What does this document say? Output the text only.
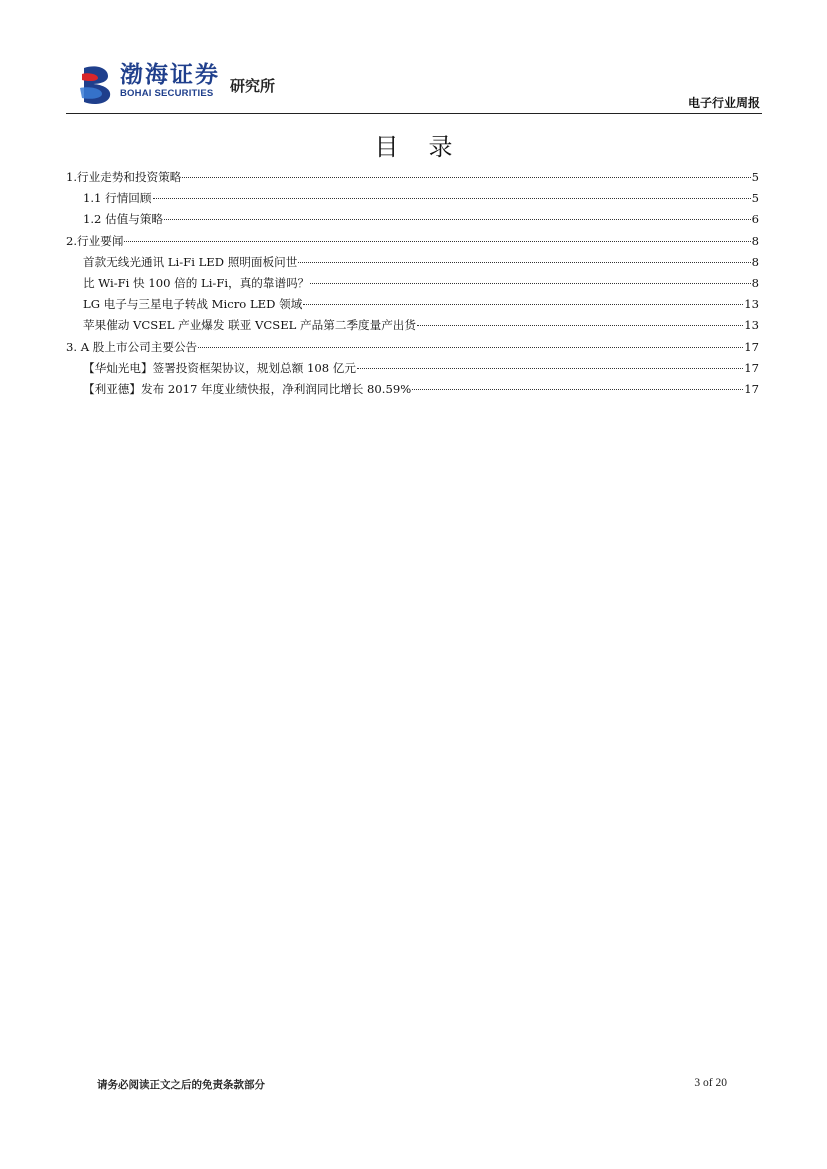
渤海证券
BOHAI SECURITIES	研究所
电子行业周报
目录
1.行业走势和投资策略	5
1.1 行情回顾	5
1.2 估值与策略	6
2.行业要闻	8
首款无线光通讯 Li-Fi LED 照明面板问世	8
比 Wi-Fi 快 100 倍的 Li-Fi，真的靠谱吗？	8
LG 电子与三星电子转战 Micro LED 领域	13
苹果催动 VCSEL 产业爆发 联亚 VCSEL 产品第二季度量产出货	13
3. A 股上市公司主要公告	17
【华灿光电】签署投资框架协议，规划总额 108 亿元	17
【利亚德】发布 2017 年度业绩快报，净利润同比增长 80.59%	17
请务必阅读正文之后的免责条款部分	3 of 20
